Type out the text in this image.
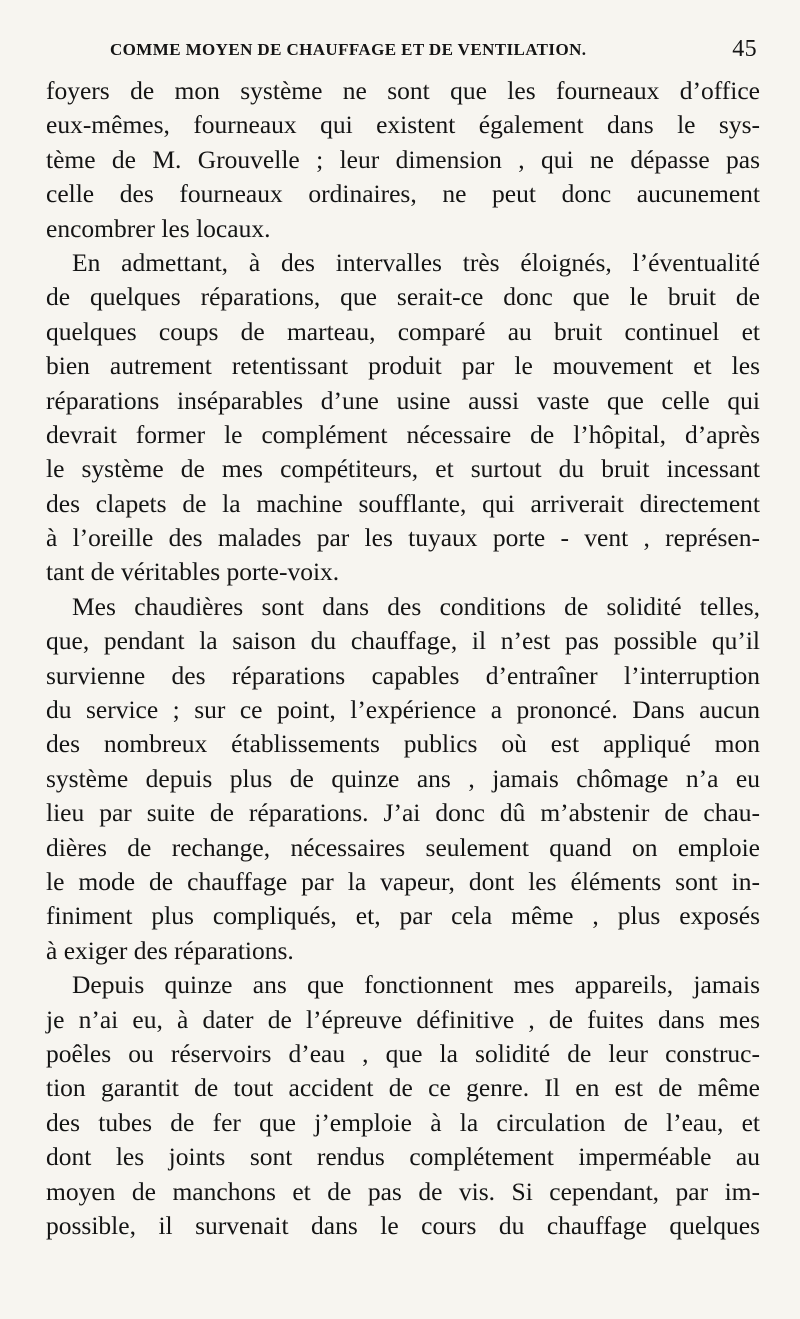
COMME MOYEN DE CHAUFFAGE ET DE VENTILATION.	45

foyers de mon système ne sont que les fourneaux d’office
eux-mêmes, fourneaux qui existent également dans le sys-
tème de M. Grouvelle ; leur dimension , qui ne dépasse pas
celle des fourneaux ordinaires, ne peut donc aucunement
encombrer les locaux.

En admettant, à des intervalles très éloignés, l’éventualité
de quelques réparations, que serait-ce donc que le bruit de
quelques coups de marteau, comparé au bruit continuel et
bien autrement retentissant produit par le mouvement et les
réparations inséparables d’une usine aussi vaste que celle qui
devrait former le complément nécessaire de l’hôpital, d’après
le système de mes compétiteurs, et surtout du bruit incessant
des clapets de la machine soufflante, qui arriverait directement
à l’oreille des malades par les tuyaux porte - vent , représen-
tant de véritables porte-voix.

Mes chaudières sont dans des conditions de solidité telles,
que, pendant la saison du chauffage, il n’est pas possible qu’il
survienne des réparations capables d’entraîner l’interruption
du service ; sur ce point, l’expérience a prononcé. Dans aucun
des nombreux établissements publics où est appliqué mon
système depuis plus de quinze ans , jamais chômage n’a eu
lieu par suite de réparations. J’ai donc dû m’abstenir de chau-
dières de rechange, nécessaires seulement quand on emploie
le mode de chauffage par la vapeur, dont les éléments sont in-
finiment plus compliqués, et, par cela même , plus exposés
à exiger des réparations.

Depuis quinze ans que fonctionnent mes appareils, jamais
je n’ai eu, à dater de l’épreuve définitive , de fuites dans mes
poêles ou réservoirs d’eau , que la solidité de leur construc-
tion garantit de tout accident de ce genre. Il en est de même
des tubes de fer que j’emploie à la circulation de l’eau, et
dont les joints sont rendus complétement imperméable au
moyen de manchons et de pas de vis. Si cependant, par im-
possible, il survenait dans le cours du chauffage quelques
